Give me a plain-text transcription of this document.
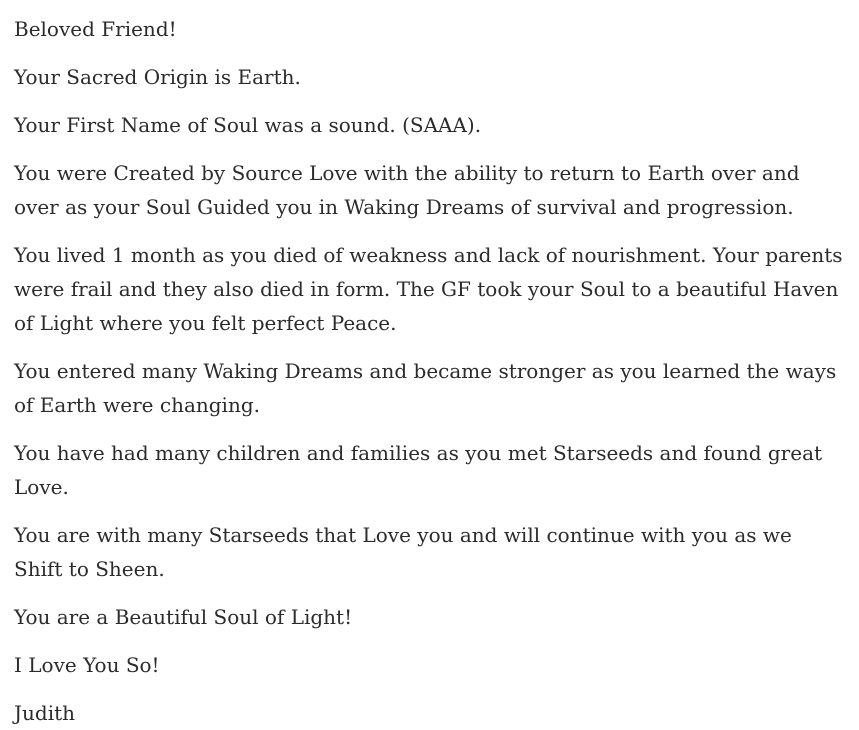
Beloved Friend!

Your Sacred Origin is Earth.

Your First Name of Soul was a sound. (SAAA).

You were Created by Source Love with the ability to return to Earth over and over as your Soul Guided you in Waking Dreams of survival and progression.

You lived 1 month as you died of weakness and lack of nourishment. Your parents were frail and they also died in form. The GF took your Soul to a beautiful Haven of Light where you felt perfect Peace.

You entered many Waking Dreams and became stronger as you learned the ways of Earth were changing.

You have had many children and families as you met Starseeds and found great Love.

You are with many Starseeds that Love you and will continue with you as we Shift to Sheen.

You are a Beautiful Soul of Light!

I Love You So!

Judith
